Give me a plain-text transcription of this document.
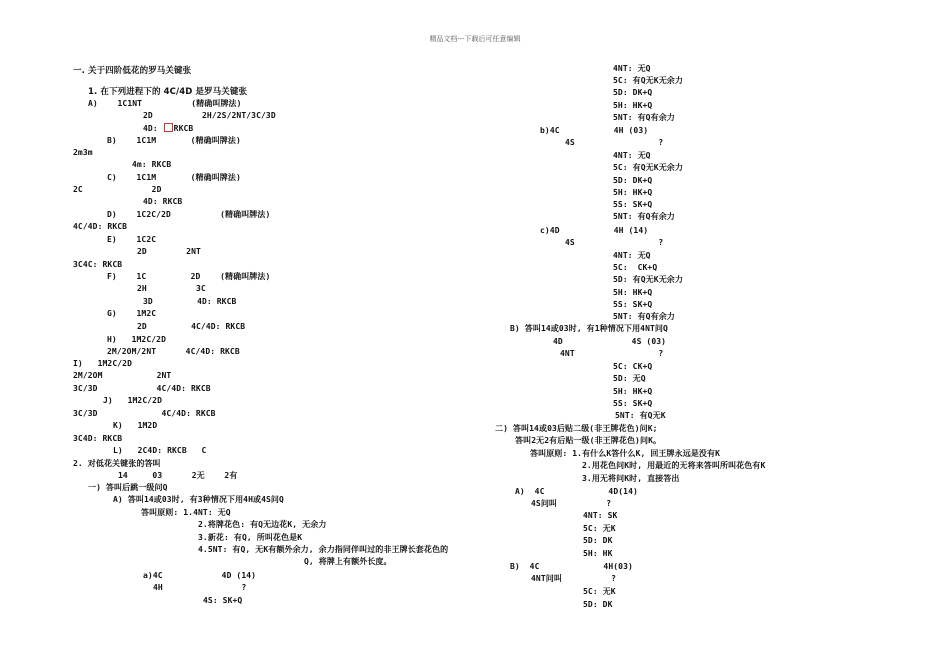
精品文档---下载后可任意编辑
一. 关于四阶低花的罗马关键张
1. 在下列进程下的 4C/4D 是罗马关键张
A)    1C1NT          (精确叫牌法)
2D          2H/2S/2NT/3C/3D
4D: RKCB
B)    1C1M       (精确叫牌法)
2m3m
4m: RKCB
C)    1C1M       (精确叫牌法)
2C              2D
4D: RKCB
D)    1C2C/2D          (精确叫牌法)
4C/4D: RKCB
E)    1C2C
2D        2NT
3C4C: RKCB
F)    1C         2D    (精确叫牌法)
2H          3C
3D         4D: RKCB
G)    1M2C
2D         4C/4D: RKCB
H)   1M2C/2D
2M/2OM/2NT      4C/4D: RKCB
I)   1M2C/2D
2M/2OM           2NT
3C/3D            4C/4D: RKCB
J)   1M2C/2D
3C/3D             4C/4D: RKCB
K)   1M2D
3C4D: RKCB
L)   2C4D: RKCB   C
2. 对低花关键张的答叫
14     03      2无    2有
一) 答叫后跳一级问Q
A) 答叫14或03时, 有3种情况下用4H或4S问Q
答叫原则: 1.4NT: 无Q
2.将牌花色: 有Q无边花K, 无余力
3.新花: 有Q, 所叫花色是K
4.5NT: 有Q, 无K有额外余力, 余力指同伴叫过的非王牌长套花色的
Q, 将牌上有额外长度。
a)4C            4D (14)
4H                ?
4S: SK+Q
4NT: 无Q
5C: 有Q无K无余力
5D: DK+Q
5H: HK+Q
5NT: 有Q有余力
b)4C           4H (03)
4S                 ?
4NT: 无Q
5C: 有Q无K无余力
5D: DK+Q
5H: HK+Q
5S: SK+Q
5NT: 有Q有余力
c)4D           4H (14)
4S                 ?
4NT: 无Q
5C:  CK+Q
5D: 有Q无K无余力
5H: HK+Q
5S: SK+Q
5NT: 有Q有余力
B) 答叫14或03时, 有1种情况下用4NT问Q
4D              4S (03)
4NT                 ?
5C: CK+Q
5D: 无Q
5H: HK+Q
5S: SK+Q
5NT: 有Q无K
二) 答叫14或03后贴二级(非王牌花色)问K;
答叫2无2有后贴一级(非王牌花色)问K。
答叫原则: 1.有什么K答什么K, 回王牌永远是没有K
2.用花色问K时, 用最近的无将来答叫所叫花色有K
3.用无将问K时, 直接答出
A)  4C             4D(14)
4S问叫          ?
4NT: SK
5C: 无K
5D: DK
5H: HK
B)  4C             4H(03)
4NT问叫          ?
5C: 无K
5D: DK
